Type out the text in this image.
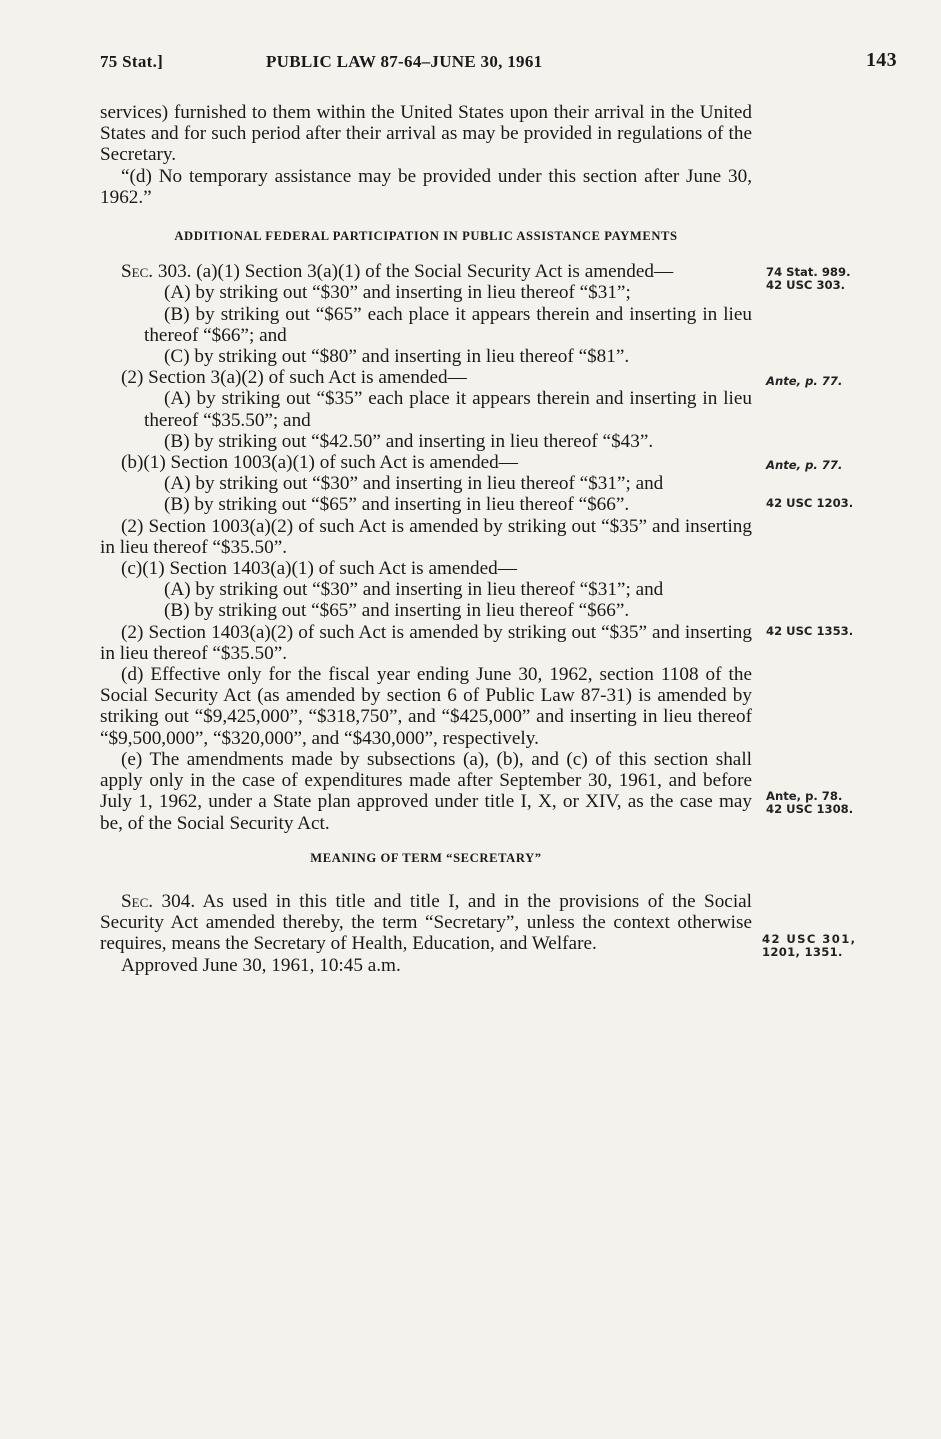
75 Stat.]	PUBLIC LAW 87-64–JUNE 30, 1961	143

services) furnished to them within the United States upon their arrival in the United States and for such period after their arrival as may be provided in regulations of the Secretary.

“(d) No temporary assistance may be provided under this section after June 30, 1962.”

ADDITIONAL FEDERAL PARTICIPATION IN PUBLIC ASSISTANCE PAYMENTS

Sec. 303. (a)(1) Section 3(a)(1) of the Social Security Act is amended—

(A) by striking out “$30” and inserting in lieu thereof “$31”;

(B) by striking out “$65” each place it appears therein and inserting in lieu thereof “$66”; and

(C) by striking out “$80” and inserting in lieu thereof “$81”.

(2) Section 3(a)(2) of such Act is amended—

(A) by striking out “$35” each place it appears therein and inserting in lieu thereof “$35.50”; and

(B) by striking out “$42.50” and inserting in lieu thereof “$43”.

(b)(1) Section 1003(a)(1) of such Act is amended—

(A) by striking out “$30” and inserting in lieu thereof “$31”; and

(B) by striking out “$65” and inserting in lieu thereof “$66”.

(2) Section 1003(a)(2) of such Act is amended by striking out “$35” and inserting in lieu thereof “$35.50”.

(c)(1) Section 1403(a)(1) of such Act is amended—

(A) by striking out “$30” and inserting in lieu thereof “$31”; and

(B) by striking out “$65” and inserting in lieu thereof “$66”.

(2) Section 1403(a)(2) of such Act is amended by striking out “$35” and inserting in lieu thereof “$35.50”.

(d) Effective only for the fiscal year ending June 30, 1962, section 1108 of the Social Security Act (as amended by section 6 of Public Law 87-31) is amended by striking out “$9,425,000”, “$318,750”, and “$425,000” and inserting in lieu thereof “$9,500,000”, “$320,000”, and “$430,000”, respectively.

(e) The amendments made by subsections (a), (b), and (c) of this section shall apply only in the case of expenditures made after September 30, 1961, and before July 1, 1962, under a State plan approved under title I, X, or XIV, as the case may be, of the Social Security Act.

MEANING OF TERM “SECRETARY”

Sec. 304. As used in this title and title I, and in the provisions of the Social Security Act amended thereby, the term “Secretary”, unless the context otherwise requires, means the Secretary of Health, Education, and Welfare.

Approved June 30, 1961, 10:45 a.m.

74 Stat. 989.
42 USC 303.
Ante, p. 77.
Ante, p. 77.
42 USC 1203.
42 USC 1353.
Ante, p. 78.
42 USC 1308.
42 USC 301,
1201, 1351.
